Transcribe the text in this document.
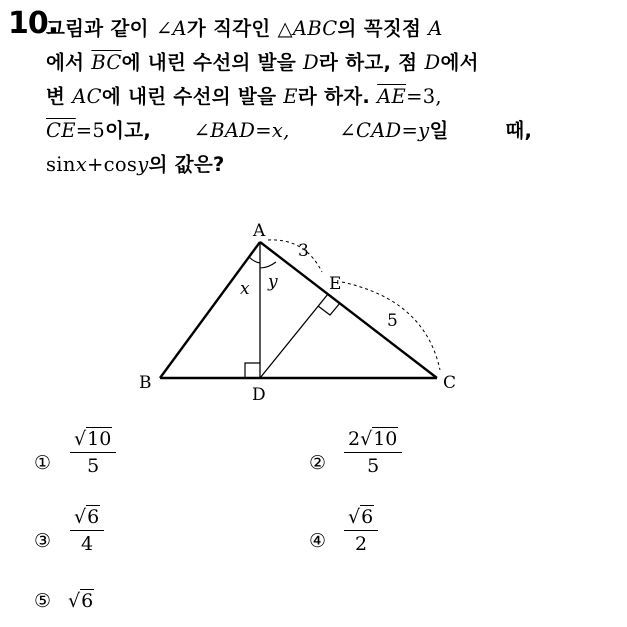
10.
그림과 같이 ∠A가 직각인 △ABC의 꼭짓점 A
에서 $\overline{BC}$에 내린 수선의 발을 D라 하고, 점 D에서
변 AC에 내린 수선의 발을 E라 하자. $\overline{AE}=3$,
$\overline{CE}=5$이고, ∠BAD=x,	∠CAD=y일	때,
sinx+cosy의 값은?
A
B	C
D
E
x y
3
5
① $\frac{√10}{5}$	② $\frac{2√10}{5}$
③ $\frac{√6}{4}$	④ $\frac{√6}{2}$
⑤ √6
